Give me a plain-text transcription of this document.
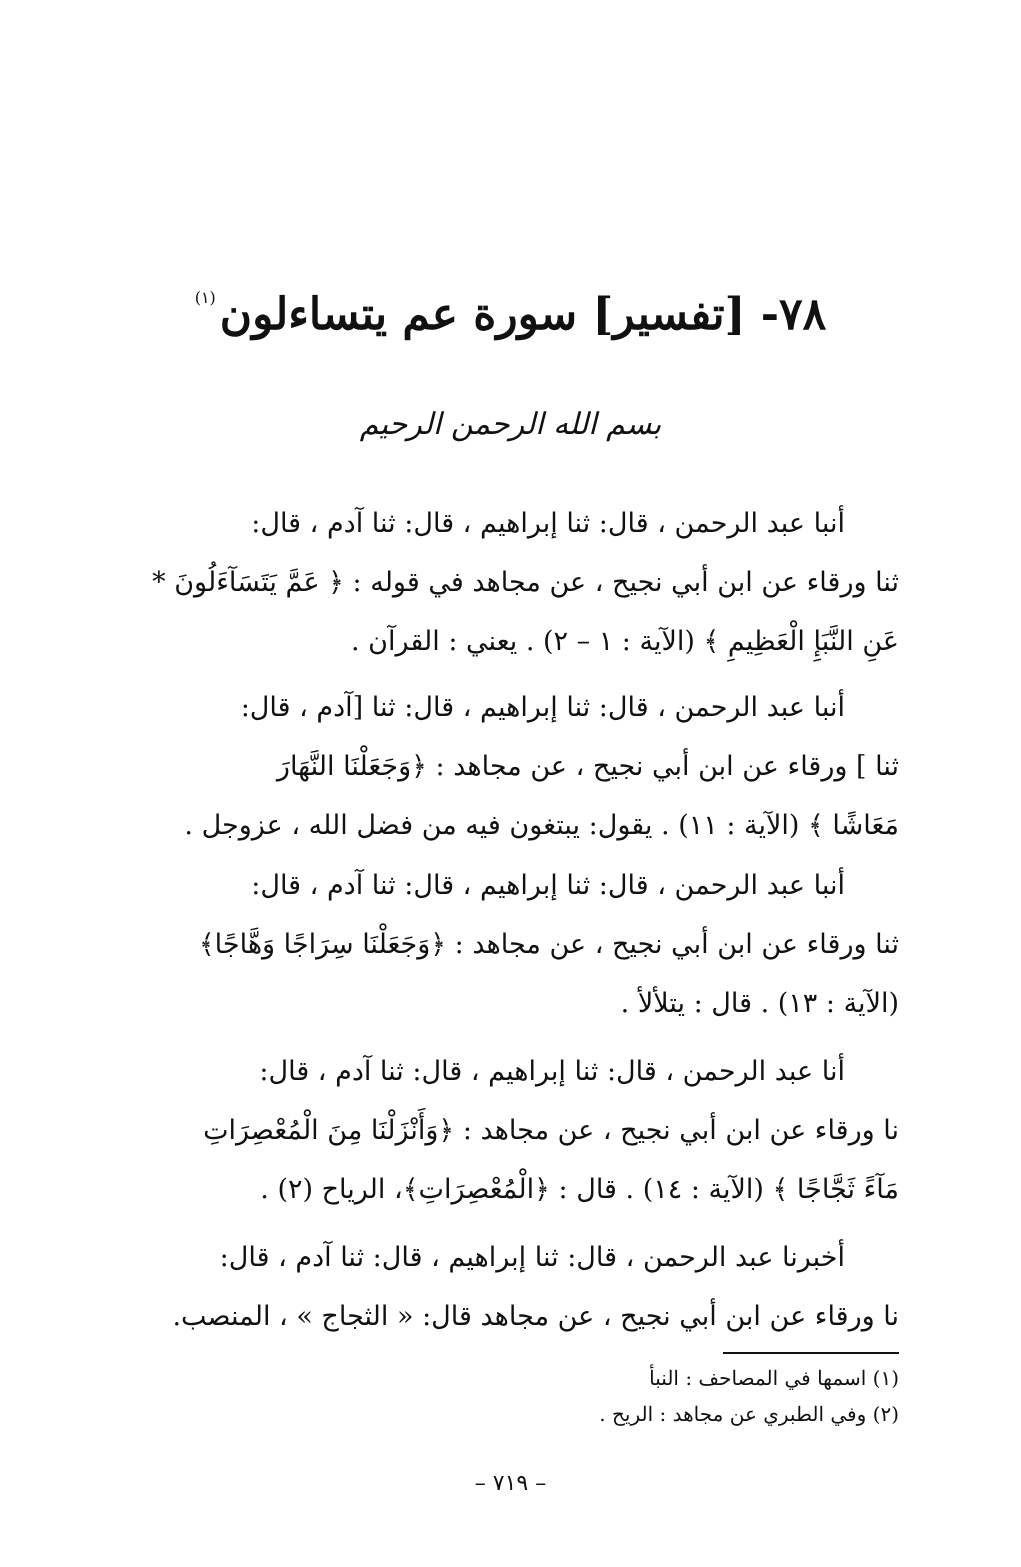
٧٨- [تفسير] سورة عم يتساءلون$^{(١)}$
بسم الله الرحمن الرحيم

أنبا عبد الرحمن ، قال: ثنا إبراهيم ، قال: ثنا آدم ، قال:

ثنا ورقاء عن ابن أبي نجيح ، عن مجاهد في قوله : ﴿ عَمَّ يَتَسَآءَلُونَ *

عَنِ النَّبَإِ الْعَظِيمِ ﴾ (الآية : ١ – ٢) . يعني : القرآن .

أنبا عبد الرحمن ، قال: ثنا إبراهيم ، قال: ثنا [آدم ، قال:

ثنا ] ورقاء عن ابن أبي نجيح ، عن مجاهد : ﴿وَجَعَلْنَا النَّهَارَ

مَعَاشًا ﴾ (الآية : ١١) . يقول: يبتغون فيه من فضل الله ، عزوجل .

أنبا عبد الرحمن ، قال: ثنا إبراهيم ، قال: ثنا آدم ، قال:

ثنا ورقاء عن ابن أبي نجيح ، عن مجاهد : ﴿وَجَعَلْنَا سِرَاجًا وَهَّاجًا﴾

(الآية : ١٣) . قال : يتلألأ .

أنا عبد الرحمن ، قال: ثنا إبراهيم ، قال: ثنا آدم ، قال:

نا ورقاء عن ابن أبي نجيح ، عن مجاهد : ﴿وَأَنْزَلْنَا مِنَ الْمُعْصِرَاتِ

مَآءً ثَجَّاجًا ﴾ (الآية : ١٤) . قال : ﴿الْمُعْصِرَاتِ﴾، الرياح (٢) .

أخبرنا عبد الرحمن ، قال: ثنا إبراهيم ، قال: ثنا آدم ، قال:

نا ورقاء عن ابن أبي نجيح ، عن مجاهد قال: « الثجاج » ، المنصب.

(١) اسمها في المصاحف : النبأ
(٢) وفي الطبري عن مجاهد : الريح .
– ٧١٩ –
